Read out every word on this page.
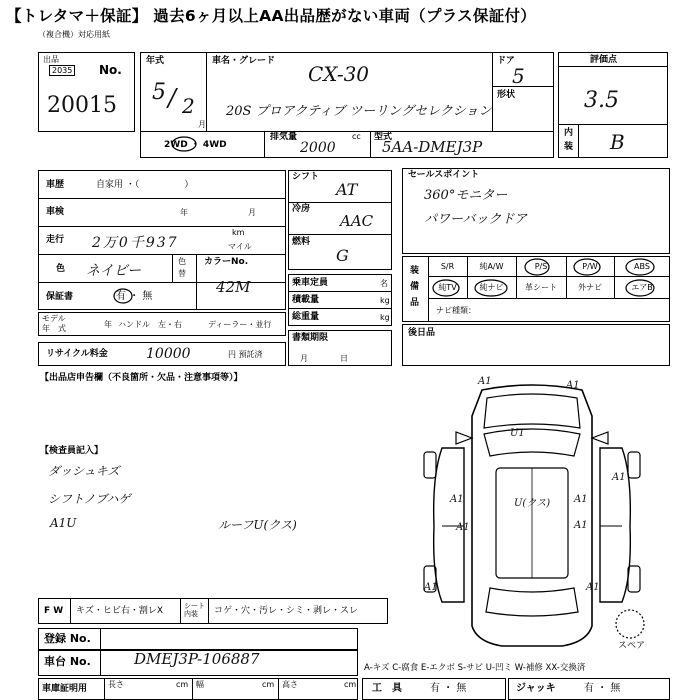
【トレタマ＋保証】 過去6ヶ月以上AA出品歴がない車両（プラス保証付）
（複合機）対応用紙
出品
2035 No.
20015
年式
5 / 2
月
車名・グレード
CX-30
20S プロアクティブ ツーリングセレクション
ドア
5
形状
評価点
3.5
内
装 B
2WD ・ 4WD
排気量	cc
2000
型式
5AA-DMEJ3P
車歴	自家用 ・（　　　　　）
車検	年	月
走行 2万0千937
km
マイル
色 ネイビー
色
替
カラーNo.
42M
保証書	有 ・ 無
モデル
年　式	年 ハンドル　左・右	ディーラー・並行
リサイクル料金	10000	円 預託済
シフト
AT
冷房
AAC
燃料
G
乗車定員	名
積載量	kg
総重量	kg
書類期限
月	日
セールスポイント
360°モニター
パワーバックドア
装
備
品
S/R	純A/W	P/S	P/W	ABS
純TV	純ナビ	革シート	外ナビ	エアB
ナビ種類：
後日品
【出品店申告欄（不良箇所・欠品・注意事項等）】
【検査員記入】
ダッシュキズ
シフトノブハゲ
A1U	ルーフU(クス)
A1	A1
U1
A1
U(クス)
A1	A1
A1	A1
A1	A1
スペア
F W キズ・ヒビ右・割レX	シート
内装	コゲ・穴・汚レ・シミ・剥レ・スレ
登録 No.
車台 No.	DMEJ3P-106887
車庫証明用	長さ	cm 幅	cm 高さ	cm
A-キズ C-腐食 E-エクボ S-サビ U-凹ミ W-補修 XX-交換済
工　具	有 ・ 無	ジャッキ	有 ・ 無
